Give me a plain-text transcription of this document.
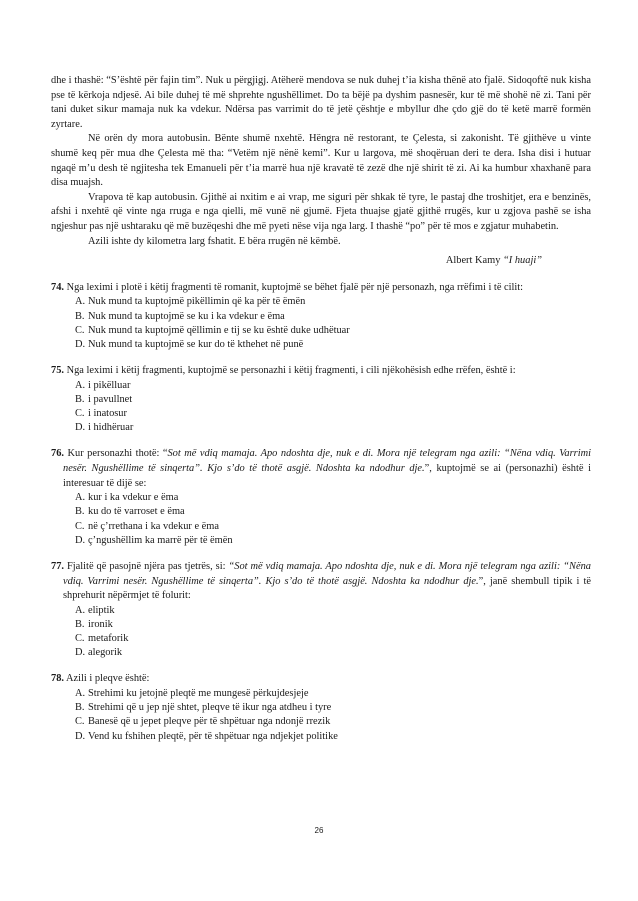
dhe i thashë: “S’është për fajin tim”. Nuk u përgjigj. Atëherë mendova se nuk duhej t’ia kisha thënë ato fjalë. Sidoqoftë nuk kisha pse të kërkoja ndjesë. Ai bile duhej të më shprehte ngushëllimet. Do ta bëjë pa dyshim pasnesër, kur të më shohë në zi. Tani për tani duket sikur mamaja nuk ka vdekur. Ndërsa pas varrimit do të jetë çështje e mbyllur dhe çdo gjë do të ketë marrë formën zyrtare.

Në orën dy mora autobusin. Bënte shumë nxehtë. Hëngra në restorant, te Çelesta, si zakonisht. Të gjithëve u vinte shumë keq për mua dhe Çelesta më tha: “Vetëm një nënë kemi”. Kur u largova, më shoqëruan deri te dera. Isha disi i hutuar ngaqë m’u desh të ngjitesha tek Emanueli për t’ia marrë hua një kravatë të zezë dhe një shirit të zi. Ai ka humbur xhaxhanë para disa muajsh.

Vrapova të kap autobusin. Gjithë ai nxitim e ai vrap, me siguri për shkak të tyre, le pastaj dhe troshitjet, era e benzinës, afshi i nxehtë që vinte nga rruga e nga qielli, më vunë në gjumë. Fjeta thuajse gjatë gjithë rrugës, kur u zgjova pashë se isha ngjeshur pas një ushtaraku që më buzëqeshi dhe më pyeti nëse vija nga larg. I thashë “po” për të mos e zgjatur muhabetin.

Azili ishte dy kilometra larg fshatit. E bëra rrugën në këmbë.

Albert Kamy “I huaji”

74. Nga leximi i plotë i këtij fragmenti të romanit, kuptojmë se bëhet fjalë për një personazh, nga rrëfimi i të cilit:

A. Nuk mund ta kuptojmë pikëllimin që ka për të ëmën
B. Nuk mund ta kuptojmë se ku i ka vdekur e ëma
C. Nuk mund ta kuptojmë qëllimin e tij se ku është duke udhëtuar
D. Nuk mund ta kuptojmë se kur do të kthehet në punë

75. Nga leximi i këtij fragmenti, kuptojmë se personazhi i këtij fragmenti, i cili njëkohësish edhe rrëfen, është i:

A. i pikëlluar
B. i pavullnet
C. i inatosur
D. i hidhëruar

76. Kur personazhi thotë: “Sot më vdiq mamaja. Apo ndoshta dje, nuk e di. Mora një telegram nga azili: “Nëna vdiq. Varrimi nesër. Ngushëllime të sinqerta”. Kjo s’do të thotë asgjë. Ndoshta ka ndodhur dje.”, kuptojmë se ai (personazhi) është i interesuar të dijë se:

A. kur i ka vdekur e ëma
B. ku do të varroset e ëma
C. në ç’rrethana i ka vdekur e ëma
D. ç’ngushëllim ka marrë për të ëmën

77. Fjalitë që pasojnë njëra pas tjetrës, si: “Sot më vdiq mamaja. Apo ndoshta dje, nuk e di. Mora një telegram nga azili: “Nëna vdiq. Varrimi nesër. Ngushëllime të sinqerta”. Kjo s’do të thotë asgjë. Ndoshta ka ndodhur dje.”, janë shembull tipik i të shprehurit nëpërmjet të folurit:

A. eliptik
B. ironik
C. metaforik
D. alegorik

78. Azili i pleqve është:

A. Strehimi ku jetojnë pleqtë me mungesë përkujdesjeje
B. Strehimi që u jep një shtet, pleqve të ikur nga atdheu i tyre
C. Banesë që u jepet pleqve për të shpëtuar nga ndonjë rrezik
D. Vend ku fshihen pleqtë, për të shpëtuar nga ndjekjet politike
26
